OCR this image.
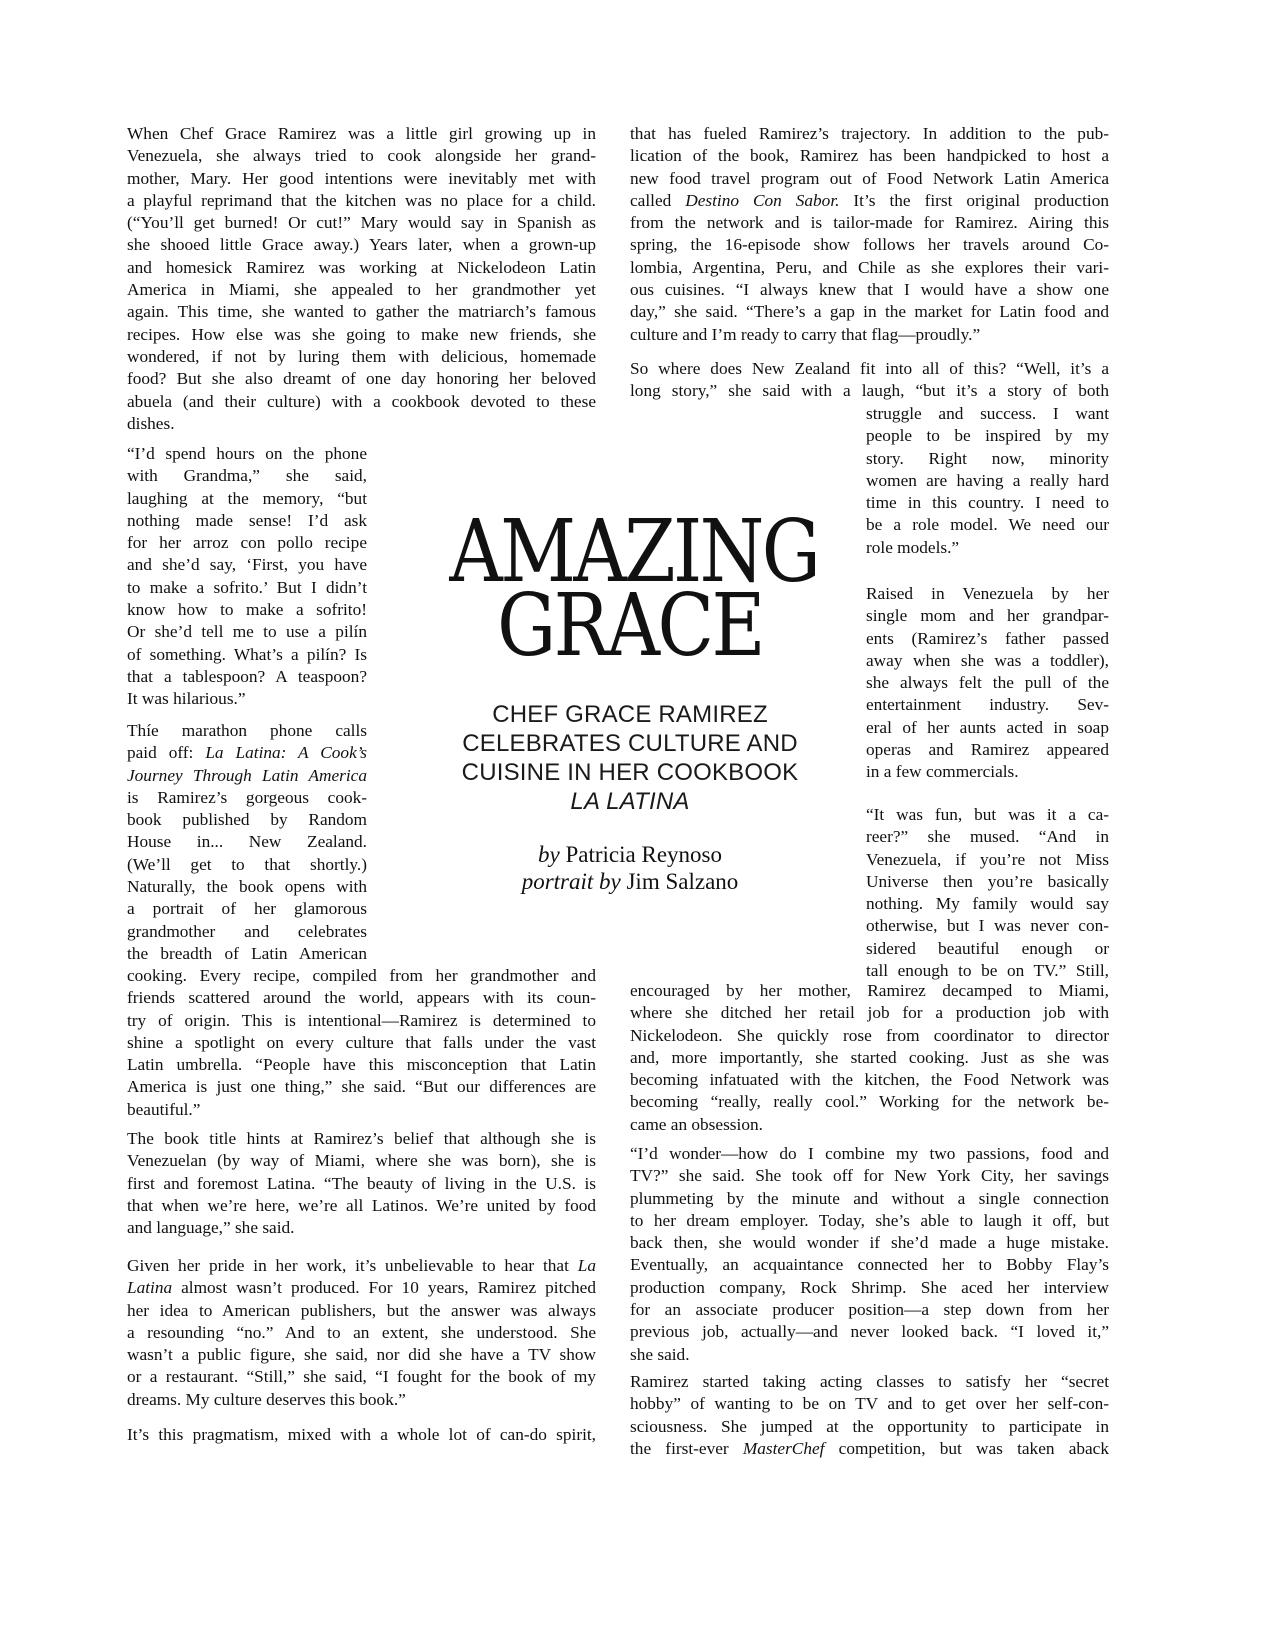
When Chef Grace Ramirez was a little girl growing up in
Venezuela, she always tried to cook alongside her grand-
mother, Mary. Her good intentions were inevitably met with
a playful reprimand that the kitchen was no place for a child.
(“You’ll get burned! Or cut!” Mary would say in Spanish as
she shooed little Grace away.) Years later, when a grown-up
and homesick Ramirez was working at Nickelodeon Latin
America in Miami, she appealed to her grandmother yet
again. This time, she wanted to gather the matriarch’s famous
recipes. How else was she going to make new friends, she
wondered, if not by luring them with delicious, homemade
food? But she also dreamt of one day honoring her beloved
abuela (and their culture) with a cookbook devoted to these
dishes.
“I’d spend hours on the phone
with Grandma,” she said,
laughing at the memory, “but
nothing made sense! I’d ask
for her arroz con pollo recipe
and she’d say, ‘First, you have
to make a sofrito.’ But I didn’t
know how to make a sofrito!
Or she’d tell me to use a pilín
of something. What’s a pilín? Is
that a tablespoon? A teaspoon?
It was hilarious.”
Thíe marathon phone calls
paid off: La Latina: A Cook’s
Journey Through Latin America
is Ramirez’s gorgeous cook-
book published by Random
House in... New Zealand.
(We’ll get to that shortly.)
Naturally, the book opens with
a portrait of her glamorous
grandmother and celebrates
the breadth of Latin American
cooking. Every recipe, compiled from her grandmother and
friends scattered around the world, appears with its coun-
try of origin. This is intentional—Ramirez is determined to
shine a spotlight on every culture that falls under the vast
Latin umbrella. “People have this misconception that Latin
America is just one thing,” she said. “But our differences are
beautiful.”
The book title hints at Ramirez’s belief that although she is
Venezuelan (by way of Miami, where she was born), she is
first and foremost Latina. “The beauty of living in the U.S. is
that when we’re here, we’re all Latinos. We’re united by food
and language,” she said.
Given her pride in her work, it’s unbelievable to hear that La
Latina almost wasn’t produced. For 10 years, Ramirez pitched
her idea to American publishers, but the answer was always
a resounding “no.” And to an extent, she understood. She
wasn’t a public figure, she said, nor did she have a TV show
or a restaurant. “Still,” she said, “I fought for the book of my
dreams. My culture deserves this book.”
It’s this pragmatism, mixed with a whole lot of can-do spirit,
AMAZING
GRACE
CHEF GRACE RAMIREZ
CELEBRATES CULTURE AND
CUISINE IN HER COOKBOOK
LA LATINA
by Patricia Reynoso
portrait by Jim Salzano
that has fueled Ramirez’s trajectory. In addition to the pub-
lication of the book, Ramirez has been handpicked to host a
new food travel program out of Food Network Latin America
called Destino Con Sabor. It’s the first original production
from the network and is tailor-made for Ramirez. Airing this
spring, the 16-episode show follows her travels around Co-
lombia, Argentina, Peru, and Chile as she explores their vari-
ous cuisines. “I always knew that I would have a show one
day,” she said. “There’s a gap in the market for Latin food and
culture and I’m ready to carry that flag—proudly.”
So where does New Zealand fit into all of this? “Well, it’s a
long story,” she said with a laugh, “but it’s a story of both
struggle and success. I want
people to be inspired by my
story. Right now, minority
women are having a really hard
time in this country. I need to
be a role model. We need our
role models.”
Raised in Venezuela by her
single mom and her grandpar-
ents (Ramirez’s father passed
away when she was a toddler),
she always felt the pull of the
entertainment industry. Sev-
eral of her aunts acted in soap
operas and Ramirez appeared
in a few commercials.
“It was fun, but was it a ca-
reer?” she mused. “And in
Venezuela, if you’re not Miss
Universe then you’re basically
nothing. My family would say
otherwise, but I was never con-
sidered beautiful enough or
tall enough to be on TV.” Still,
encouraged by her mother, Ramirez decamped to Miami,
where she ditched her retail job for a production job with
Nickelodeon. She quickly rose from coordinator to director
and, more importantly, she started cooking. Just as she was
becoming infatuated with the kitchen, the Food Network was
becoming “really, really cool.” Working for the network be-
came an obsession.
“I’d wonder—how do I combine my two passions, food and
TV?” she said. She took off for New York City, her savings
plummeting by the minute and without a single connection
to her dream employer. Today, she’s able to laugh it off, but
back then, she would wonder if she’d made a huge mistake.
Eventually, an acquaintance connected her to Bobby Flay’s
production company, Rock Shrimp. She aced her interview
for an associate producer position—a step down from her
previous job, actually—and never looked back. “I loved it,”
she said.
Ramirez started taking acting classes to satisfy her “secret
hobby” of wanting to be on TV and to get over her self-con-
sciousness. She jumped at the opportunity to participate in
the first-ever MasterChef competition, but was taken aback
